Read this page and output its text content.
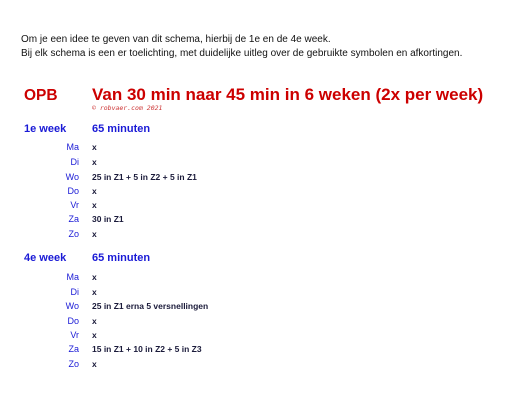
Om je een idee te geven van dit schema, hierbij de 1e en de 4e week.
Bij elk schema is een er toelichting, met duidelijke uitleg over de gebruikte symbolen en afkortingen.
OPB Van 30 min naar 45 min in 6 weken (2x per week)
© robvaer.com 2021
1e week 65 minuten
Ma x
Di x
Wo 25 in Z1 + 5 in Z2 + 5 in Z1
Do x
Vr x
Za 30 in Z1
Zo x
4e week 65 minuten
Ma x
Di x
Wo 25 in Z1 erna 5 versnellingen
Do x
Vr x
Za 15 in Z1 + 10 in Z2 + 5 in Z3
Zo x
